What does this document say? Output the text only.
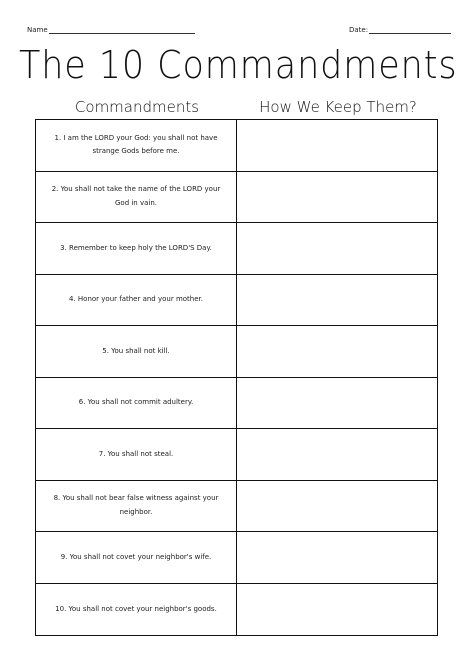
Name	Date :
The 10 Commandments
Commandments	How We Keep Them?
1. I am the LORD your God: you shall not have strange Gods before me.
2. You shall not take the name of the LORD your God in vain.
3. Remember to keep holy the LORD'S Day.
4. Honor your father and your mother.
5. You shall not kill.
6. You shall not commit adultery.
7. You shall not steal.
8. You shall not bear false witness against your neighbor.
9. You shall not covet your neighbor's wife.
10. You shall not covet your neighbor's goods.
